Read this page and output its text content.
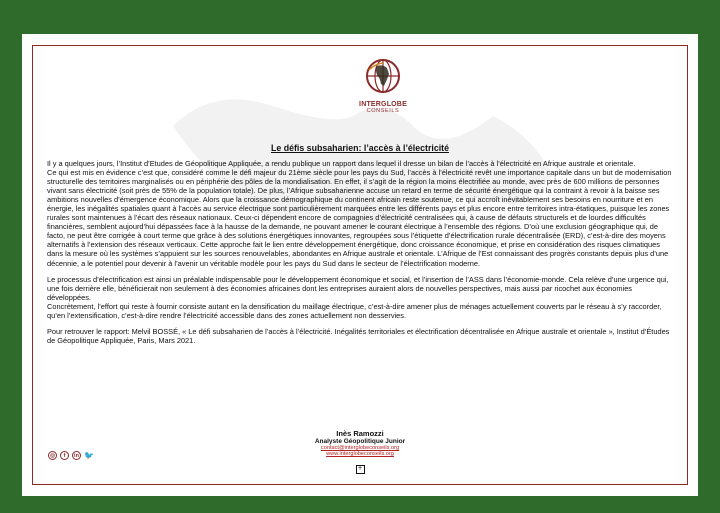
INTERGLOBE
CONSEILS
Le défis subsaharien: l’accès à l’électricité

Il y a quelques jours, l’Institut d’Etudes de Géopolitique Appliquée, a rendu publique un rapport dans lequel il dresse un bilan de l’accès à l’électricité en Afrique australe et orientale.
Ce qui est mis en évidence c’est que, considéré comme le défi majeur du 21ème siècle pour les pays du Sud, l’accès à l’électricité revêt une importance capitale dans un but de modernisation structurelle des territoires marginalisés ou en périphérie des pôles de la mondialisation. En effet, il s’agit de la région la moins électrifiée au monde, avec près de 600 millions de personnes vivant sans électricité (soit près de 55% de la population totale). De plus, l’Afrique subsaharienne accuse un retard en terme de sécurité énergétique qui la contraint à revoir à la baisse ses ambitions nouvelles d’émergence économique. Alors que la croissance démographique du continent africain reste soutenue, ce qui accroît inévitablement ses besoins en nourriture et en énergie, les inégalités spatiales quant à l’accès au service électrique sont particulièrement marquées entre les différents pays et plus encore entre territoires intra-étatiques, puisque les zones rurales sont maintenues à l’écart des réseaux nationaux. Ceux-ci dépendent encore de compagnies d’électricité centralisées qui, à cause de défauts structurels et de lourdes difficultés financières, semblent aujourd’hui dépassées face à la hausse de la demande, ne pouvant amener le courant électrique à l’ensemble des régions. D’où une exclusion géographique qui, de facto, ne peut être corrigée à court terme que grâce à des solutions énergétiques innovantes, regroupées sous l’étiquette d’électrification rurale décentralisée (ERD), c’est-à-dire des moyens alternatifs à l’extension des réseaux verticaux. Cette approche fait le lien entre développement énergétique, donc croissance économique, et prise en considération des risques climatiques dans la mesure où les systèmes s’appuient sur les sources renouvelables, abondantes en Afrique australe et orientale. L’Afrique de l’Est connaissant des progrès constants depuis plus d’une décennie, a le potentiel pour devenir à l’avenir un véritable modèle pour les pays du Sud dans le secteur de l’électrification moderne.

Le processus d’électrification est ainsi un préalable indispensable pour le développement économique et social, et l’insertion de l’ASS dans l’économie-monde. Cela relève d’une urgence qui, une fois derrière elle, bénéficierait non seulement à des économies africaines dont les entreprises auraient alors de nouvelles perspectives, mais aussi par ricochet aux économies développées.
Concrètement, l’effort qui reste à fournir consiste autant en la densification du maillage électrique, c’est-à-dire amener plus de ménages actuellement couverts par le réseau à s’y raccorder, qu’en l’extensification, c’est-à-dire rendre l’électricité accessible dans des zones actuellement non desservies.

Pour retrouver le rapport: Melvil BOSSÉ, « Le défi subsaharien de l’accès à l’électricité. Inégalités territoriales et électrification décentralisée en Afrique australe et orientale », Institut d’Études de Géopolitique Appliquée, Paris, Mars 2021.

◎	f	in 🐦
Inès Ramozzi
Analyste Géopolitique Junior
contact@interglobeconseils.org
www.interglobeconseils.org
+
